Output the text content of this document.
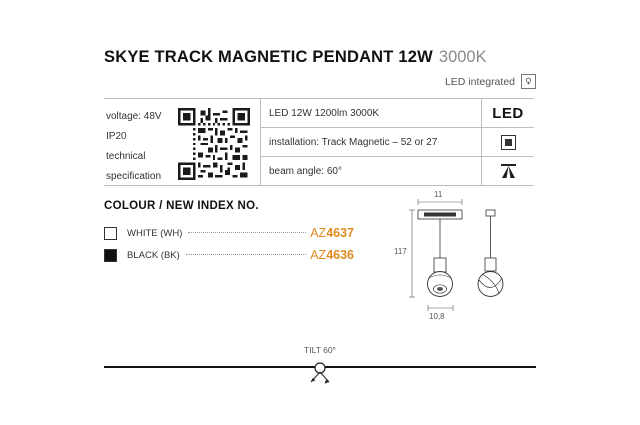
SKYE TRACK MAGNETIC PENDANT 12W 3000K
LED integrated
voltage: 48V
IP20
technical
specification
LED 12W 1200lm 3000K	LED
installation: Track Magnetic – 52 or 27
beam angle: 60°
COLOUR / NEW INDEX NO.
WHITE (WH)	AZ4637
BLACK (BK)	AZ4636
11
117
10,8
TILT 60°
